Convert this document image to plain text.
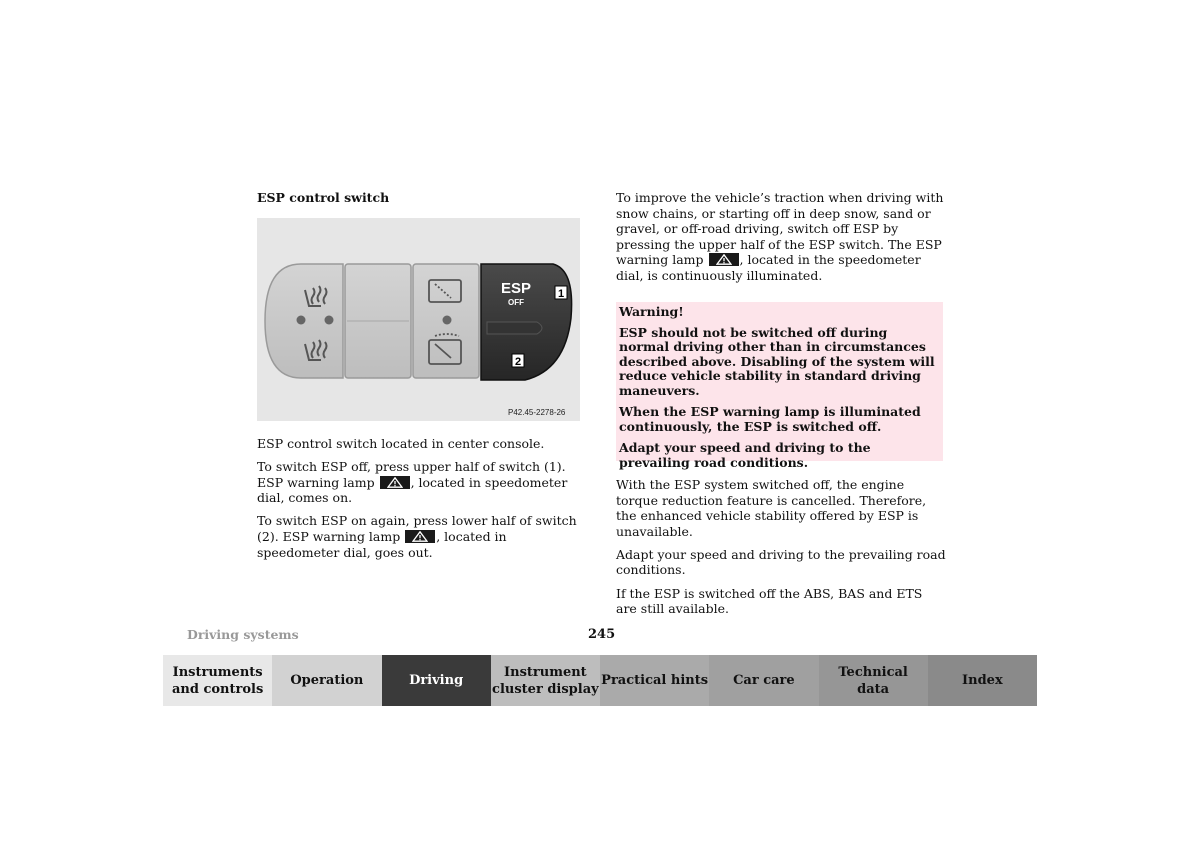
ESP control switch
ESP
OFF
1
2
P42.45-2278-26

ESP control switch located in center console.

To switch ESP off, press upper half of switch (1). ESP warning lamp	, located in speedometer dial, comes on.

To switch ESP on again, press lower half of switch (2). ESP warning lamp	, located in speedometer dial, goes out.

To improve the vehicle’s traction when driving with snow chains, or starting off in deep snow, sand or gravel, or off-road driving, switch off ESP by pressing the upper half of the ESP switch. The ESP warning lamp	, located in the speedometer dial, is continuously illuminated.

Warning!

ESP should not be switched off during normal driving other than in circumstances described above. Disabling of the system will reduce vehicle stability in standard driving maneuvers.

When the ESP warning lamp is illuminated continuously, the ESP is switched off.

Adapt your speed and driving to the prevailing road conditions.

With the ESP system switched off, the engine torque reduction feature is cancelled. Therefore, the enhanced vehicle stability offered by ESP is unavailable.

Adapt your speed and driving to the prevailing road conditions.

If the ESP is switched off the ABS, BAS and ETS are still available.

Driving systems	245
Instruments
and controls
Operation	Driving
Instrument
cluster display
Practical hints	Car care
Technical
data
Index
